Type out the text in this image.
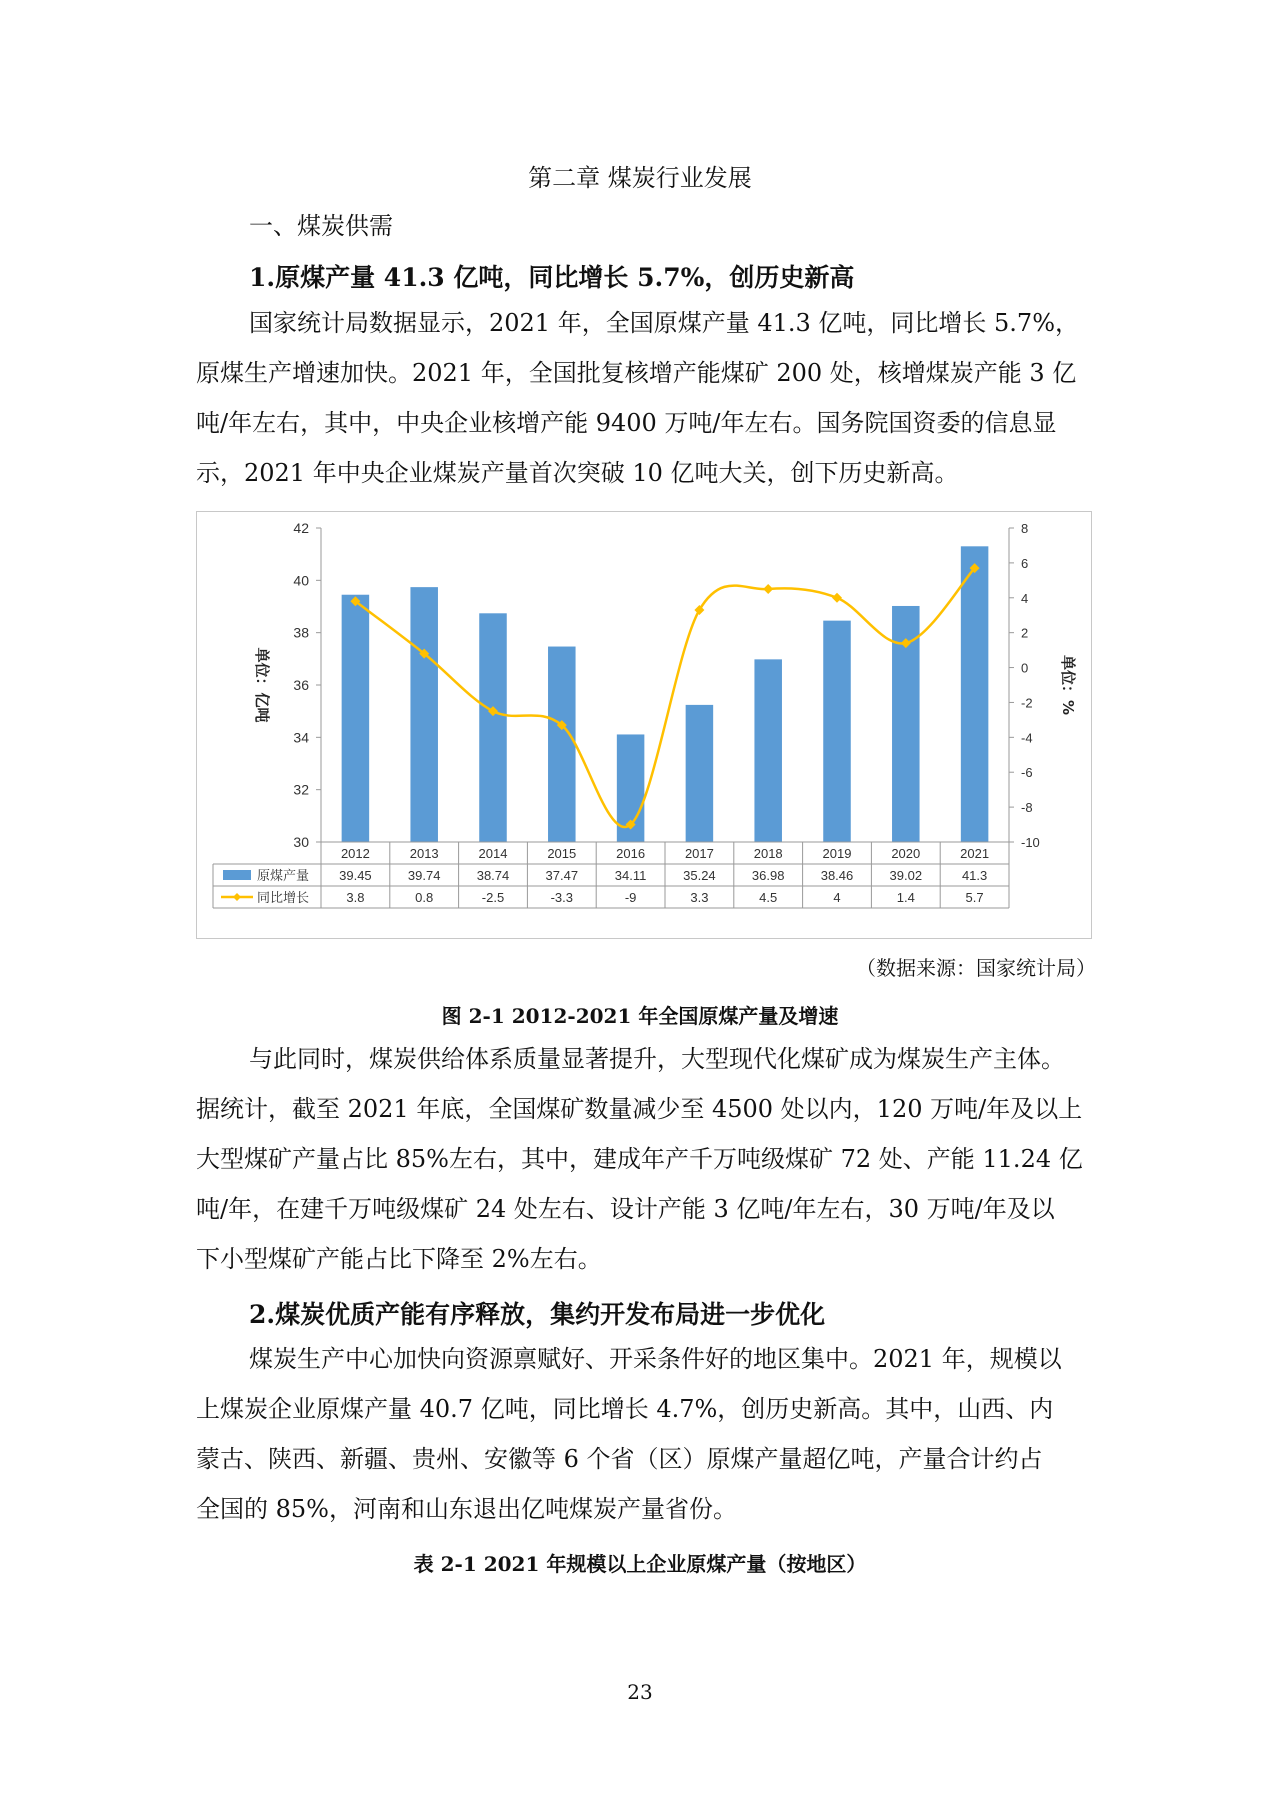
第二章 煤炭行业发展
一、煤炭供需
1.原煤产量 41.3 亿吨，同比增长 5.7%，创历史新高
国家统计局数据显示，2021 年，全国原煤产量 41.3 亿吨，同比增长 5.7%，
原煤生产增速加快。2021 年，全国批复核增产能煤矿 200 处，核增煤炭产能 3 亿
吨/年左右，其中，中央企业核增产能 9400 万吨/年左右。国务院国资委的信息显
示，2021 年中央企业煤炭产量首次突破 10 亿吨大关，创下历史新高。
30
32
34
36
38
40
42
-10
-8
-6
-4
-2
0
2
4
6
8
单位：亿吨	单位：%
2012	2013	2014	2015	2016	2017	2018	2019	2020	2021
原煤产量 39.45	39.74	38.74	37.47	34.11	35.24	36.98	38.46	39.02	41.3
同比增长	3.8	0.8	-2.5	-3.3	-9	3.3	4.5	4	1.4	5.7
（数据来源：国家统计局）
图 2-1 2012-2021 年全国原煤产量及增速
与此同时，煤炭供给体系质量显著提升，大型现代化煤矿成为煤炭生产主体。
据统计，截至 2021 年底，全国煤矿数量减少至 4500 处以内，120 万吨/年及以上
大型煤矿产量占比 85%左右，其中，建成年产千万吨级煤矿 72 处、产能 11.24 亿
吨/年，在建千万吨级煤矿 24 处左右、设计产能 3 亿吨/年左右，30 万吨/年及以
下小型煤矿产能占比下降至 2%左右。
2.煤炭优质产能有序释放，集约开发布局进一步优化
煤炭生产中心加快向资源禀赋好、开采条件好的地区集中。2021 年，规模以
上煤炭企业原煤产量 40.7 亿吨，同比增长 4.7%，创历史新高。其中，山西、内
蒙古、陕西、新疆、贵州、安徽等 6 个省（区）原煤产量超亿吨，产量合计约占
全国的 85%，河南和山东退出亿吨煤炭产量省份。
表 2-1 2021 年规模以上企业原煤产量（按地区）
23
